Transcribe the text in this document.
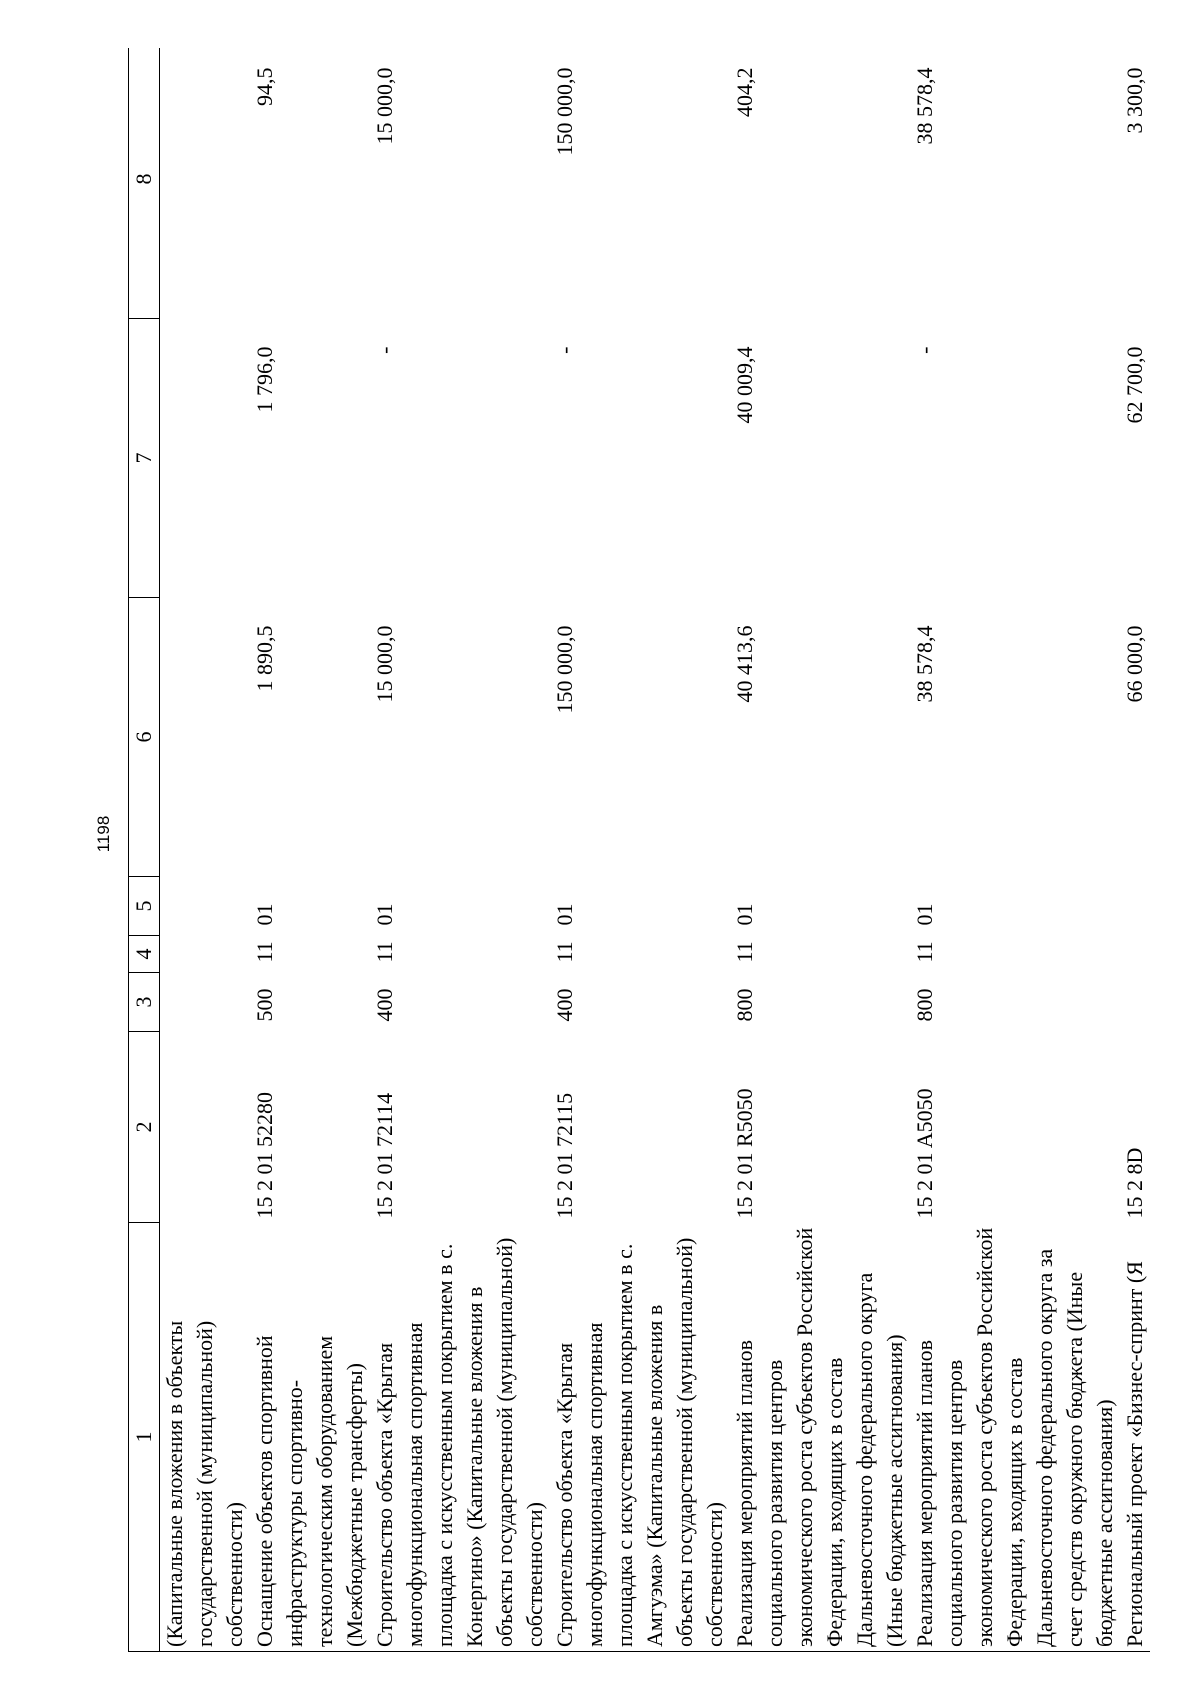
1198
1	2	3	4	5	6	7	8
(Капитальные вложения в объекты государственной (муниципальной) собственности)							
Оснащение объектов спортивной инфраструктуры спортивно-технологическим оборудованием (Межбюджетные трансферты)	15 2 01 52280	500	11	01	1 890,5	1 796,0	94,5
Строительство объекта «Крытая многофункциональная спортивная площадка с искусственным покрытием в с. Конергино» (Капитальные вложения в объекты государственной (муниципальной) собственности)	15 2 01 72114	400	11	01	15 000,0	-	15 000,0
Строительство объекта «Крытая многофункциональная спортивная площадка с искусственным покрытием в с. Амгуэма» (Капитальные вложения в объекты государственной (муниципальной) собственности)	15 2 01 72115	400	11	01	150 000,0	-	150 000,0
Реализация мероприятий планов социального развития центров экономического роста субъектов Российской Федерации, входящих в состав Дальневосточного федерального округа (Иные бюджетные ассигнования)	15 2 01 R5050	800	11	01	40 413,6	40 009,4	404,2
Реализация мероприятий планов социального развития центров экономического роста субъектов Российской Федерации, входящих в состав Дальневосточного федерального округа за счет средств окружного бюджета (Иные бюджетные ассигнования)	15 2 01 A5050	800	11	01	38 578,4	-	38 578,4
Региональный проект «Бизнес-спринт (Я	15 2 8D				66 000,0	62 700,0	3 300,0
